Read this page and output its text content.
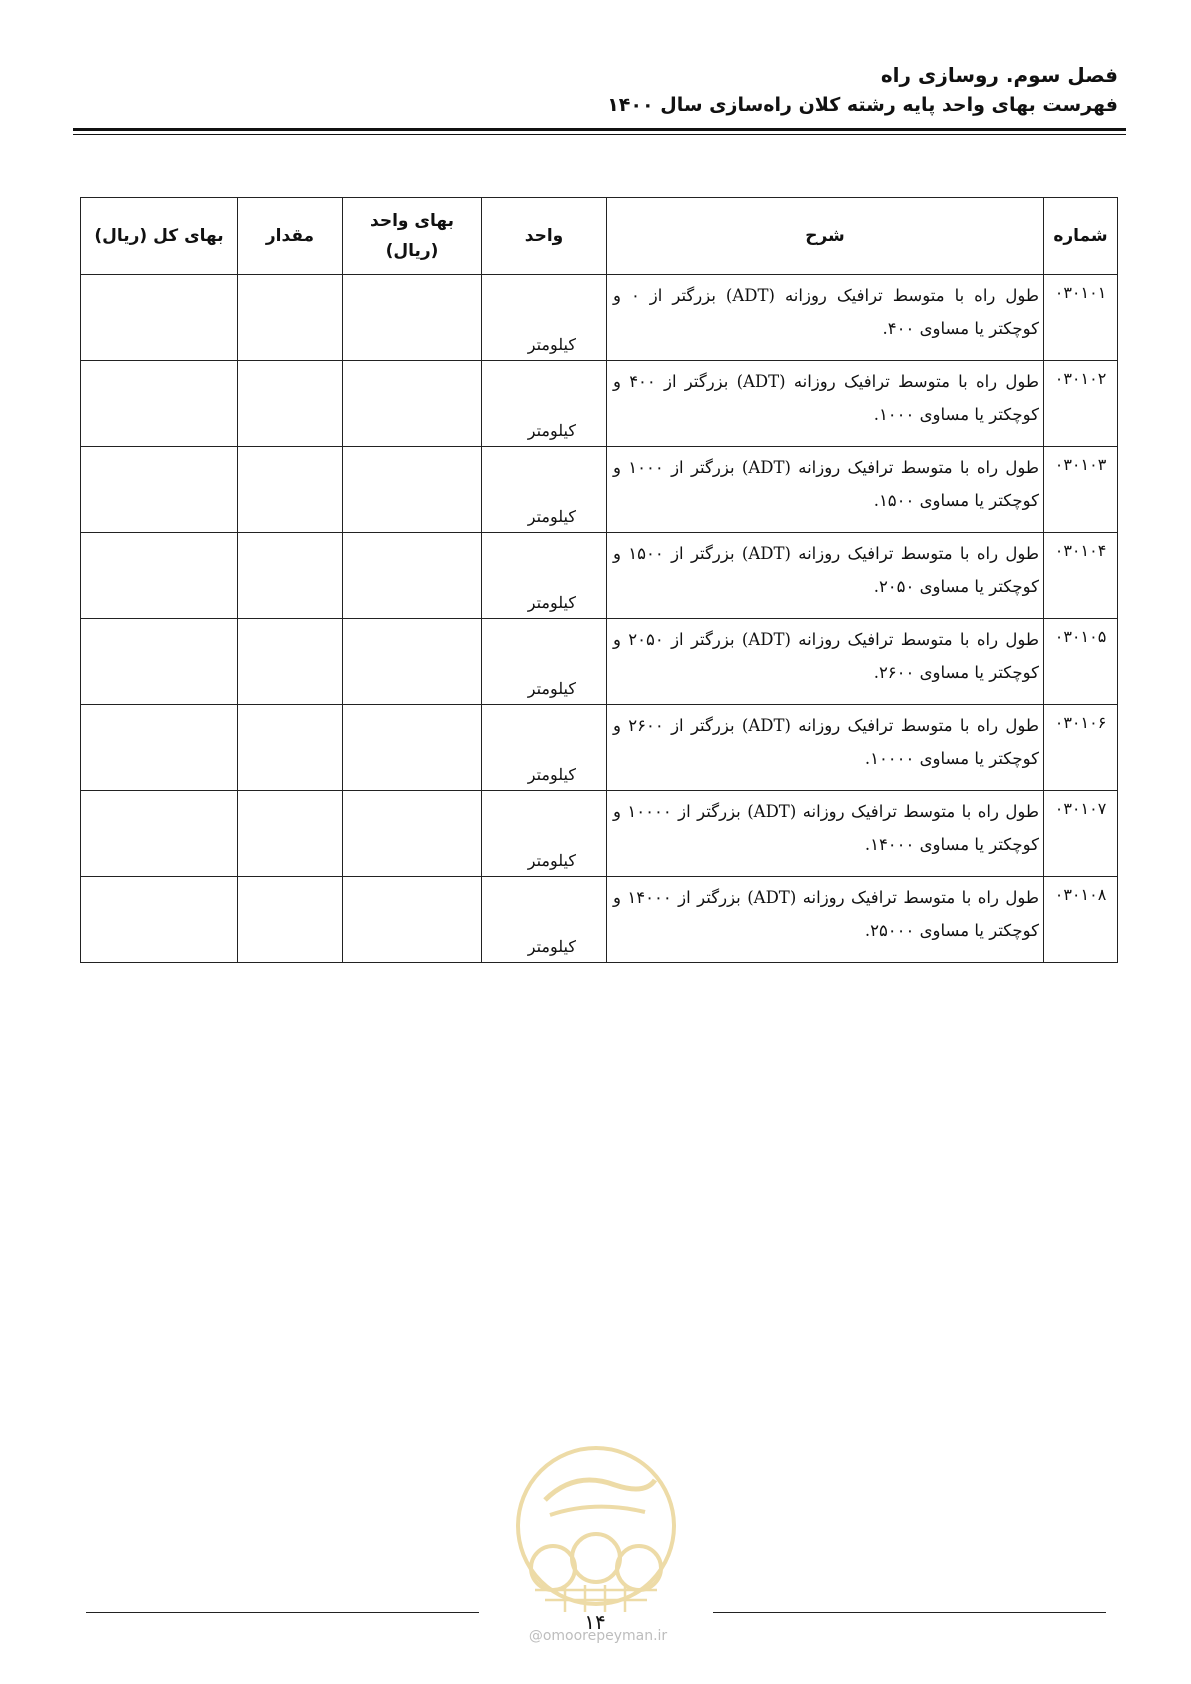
فصل سوم. روسازی راه
فهرست بهای واحد پایه رشته کلان راه‌سازی سال ۱۴۰۰
شماره	شرح	واحد	بهای واحد (ریال)	مقدار	بهای کل (ریال)
۰۳۰۱۰۱	طول راه با متوسط ترافیک روزانه (ADT) بزرگتر از ۰ و کوچکتر یا مساوی ۴۰۰.	کیلومتر			
۰۳۰۱۰۲	طول راه با متوسط ترافیک روزانه (ADT) بزرگتر از ۴۰۰ و کوچکتر یا مساوی ۱۰۰۰.	کیلومتر			
۰۳۰۱۰۳	طول راه با متوسط ترافیک روزانه (ADT) بزرگتر از ۱۰۰۰ و کوچکتر یا مساوی ۱۵۰۰.	کیلومتر			
۰۳۰۱۰۴	طول راه با متوسط ترافیک روزانه (ADT) بزرگتر از ۱۵۰۰ و کوچکتر یا مساوی ۲۰۵۰.	کیلومتر			
۰۳۰۱۰۵	طول راه با متوسط ترافیک روزانه (ADT) بزرگتر از ۲۰۵۰ و کوچکتر یا مساوی ۲۶۰۰.	کیلومتر			
۰۳۰۱۰۶	طول راه با متوسط ترافیک روزانه (ADT) بزرگتر از ۲۶۰۰ و کوچکتر یا مساوی ۱۰۰۰۰.	کیلومتر			
۰۳۰۱۰۷	طول راه با متوسط ترافیک روزانه (ADT) بزرگتر از ۱۰۰۰۰ و کوچکتر یا مساوی ۱۴۰۰۰.	کیلومتر			
۰۳۰۱۰۸	طول راه با متوسط ترافیک روزانه (ADT) بزرگتر از ۱۴۰۰۰ و کوچکتر یا مساوی ۲۵۰۰۰.	کیلومتر			
۱۴
@omoorepeyman.ir
